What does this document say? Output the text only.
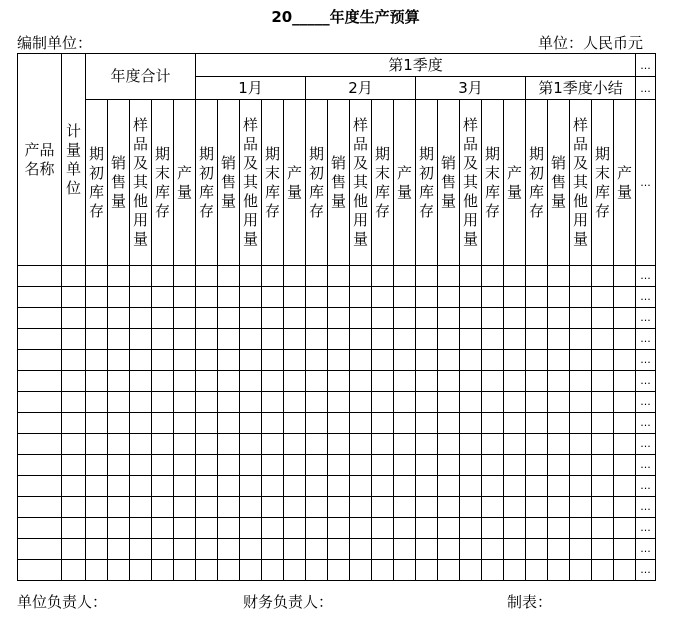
20_____年度生产预算
编制单位：	单位：人民币元
产品名称	计量单位	年度合计					第1季度																				...
							1月					2月					3月					第1季度小结					...

		期初库存	销售量	样品及其他用量	期末库存	产量	期初库存	销售量	样品及其他用量	期末库存	产量	期初库存	销售量	样品及其他用量	期末库存	产量	期初库存	销售量	样品及其他用量	期末库存	产量	期初库存	销售量	样品及其他用量	期末库存	产量	...
																											...
																											...
																											...
																											...
																											...
																											...
																											...
																											...
																											...
																											...
																											...
																											...
																											...
																											...
																											...
单位负责人：	财务负责人：	制表：
